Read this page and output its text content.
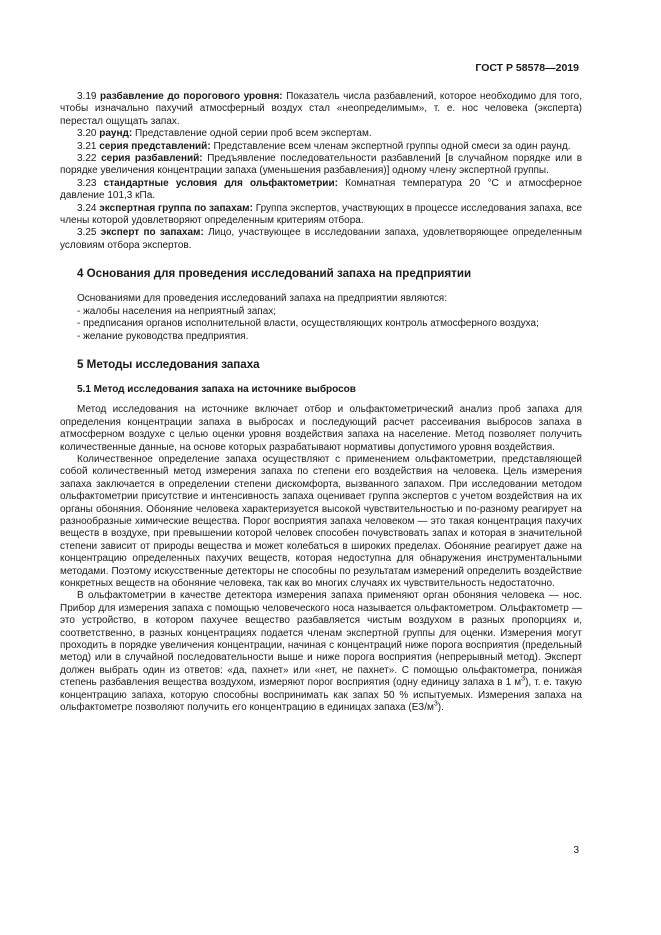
ГОСТ Р 58578—2019

3.19 разбавление до порогового уровня: Показатель числа разбавлений, которое необходимо для того, чтобы изначально пахучий атмосферный воздух стал «неопределимым», т. е. нос человека (эксперта) перестал ощущать запах.

3.20 раунд: Представление одной серии проб всем экспертам.

3.21 серия представлений: Представление всем членам экспертной группы одной смеси за один раунд.

3.22 серия разбавлений: Предъявление последовательности разбавлений [в случайном порядке или в порядке увеличения концентрации запаха (уменьшения разбавления)] одному члену экспертной группы.

3.23 стандартные условия для ольфактометрии: Комнатная температура 20 °С и атмосферное давление 101,3 кПа.

3.24 экспертная группа по запахам: Группа экспертов, участвующих в процессе исследования запаха, все члены которой удовлетворяют определенным критериям отбора.

3.25 эксперт по запахам: Лицо, участвующее в исследовании запаха, удовлетворяющее определенным условиям отбора экспертов.

4 Основания для проведения исследований запаха на предприятии

Основаниями для проведения исследований запаха на предприятии являются:

- жалобы населения на неприятный запах;

- предписания органов исполнительной власти, осуществляющих контроль атмосферного воздуха;

- желание руководства предприятия.

5 Методы исследования запаха
5.1 Метод исследования запаха на источнике выбросов

Метод исследования на источнике включает отбор и ольфактометрический анализ проб запаха для определения концентрации запаха в выбросах и последующий расчет рассеивания выбросов запаха в атмосферном воздухе с целью оценки уровня воздействия запаха на население. Метод позволяет получить количественные данные, на основе которых разрабатывают нормативы допустимого уровня воздействия.

Количественное определение запаха осуществляют с применением ольфактометрии, представляющей собой количественный метод измерения запаха по степени его воздействия на человека. Цель измерения запаха заключается в определении степени дискомфорта, вызванного запахом. При исследовании методом ольфактометрии присутствие и интенсивность запаха оценивает группа экспертов с учетом воздействия на их органы обоняния. Обоняние человека характеризуется высокой чувствительностью и по-разному реагирует на разнообразные химические вещества. Порог восприятия запаха человеком — это такая концентрация пахучих веществ в воздухе, при превышении которой человек способен почувствовать запах и которая в значительной степени зависит от природы вещества и может колебаться в широких пределах. Обоняние реагирует даже на концентрацию определенных пахучих веществ, которая недоступна для обнаружения инструментальными методами. Поэтому искусственные детекторы не способны по результатам измерений определить воздействие конкретных веществ на обоняние человека, так как во многих случаях их чувствительность недостаточно.

В ольфактометрии в качестве детектора измерения запаха применяют орган обоняния человека — нос. Прибор для измерения запаха с помощью человеческого носа называется ольфактометром. Ольфактометр — это устройство, в котором пахучее вещество разбавляется чистым воздухом в разных пропорциях и, соответственно, в разных концентрациях подается членам экспертной группы для оценки. Измерения могут проходить в порядке увеличения концентрации, начиная с концентраций ниже порога восприятия (предельный метод) или в случайной последовательности выше и ниже порога восприятия (непрерывный метод). Эксперт должен выбрать один из ответов: «да, пахнет» или «нет, не пахнет». С помощью ольфактометра, понижая степень разбавления вещества воздухом, измеряют порог восприятия (одну единицу запаха в 1 $м^3$), т. е. такую концентрацию запаха, которую способны воспринимать как запах 50 % испытуемых. Измерения запаха на ольфактометре позволяют получить его концентрацию в единицах запаха $(ЕЗ/м^3)$.

3
